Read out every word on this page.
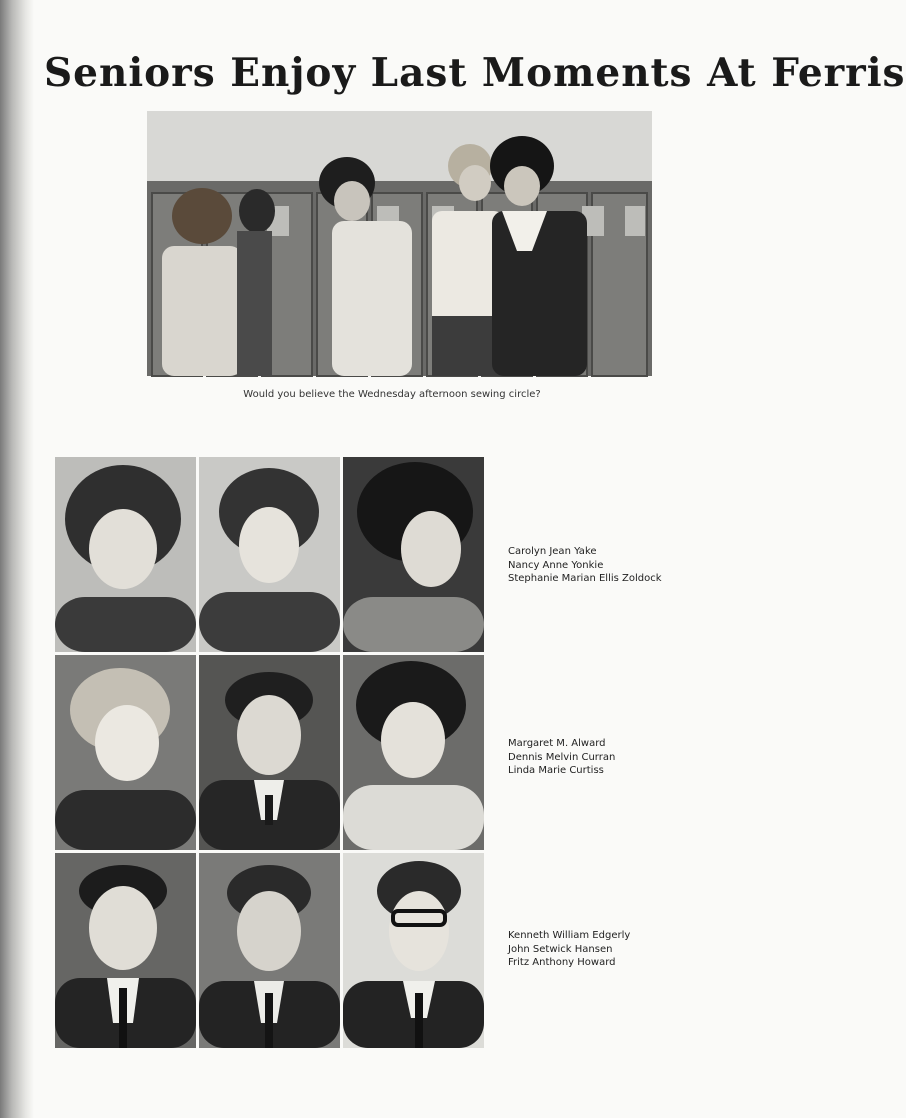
Seniors Enjoy Last Moments At Ferris
Would you believe the Wednesday afternoon sewing circle?
Carolyn Jean Yake
Nancy Anne Yonkie
Stephanie Marian Ellis Zoldock
Margaret M. Alward
Dennis Melvin Curran
Linda Marie Curtiss
Kenneth William Edgerly
John Setwick Hansen
Fritz Anthony Howard
